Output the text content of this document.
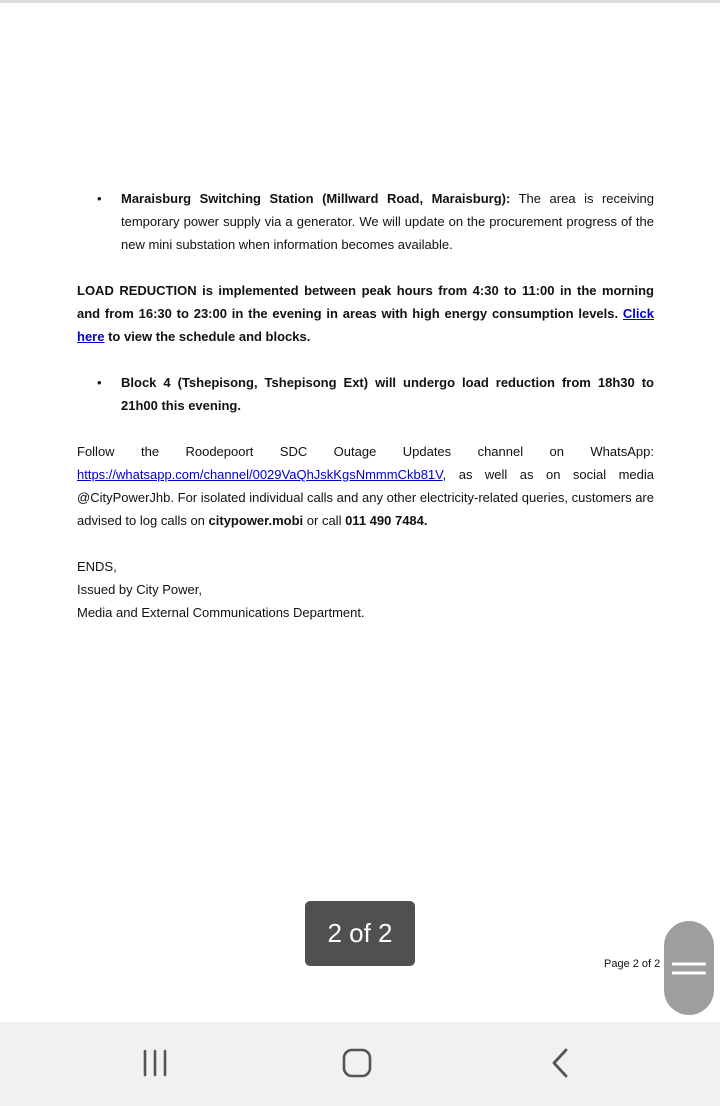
• Maraisburg Switching Station (Millward Road, Maraisburg): The area is receiving temporary power supply via a generator. We will update on the procurement progress of the new mini substation when information becomes available.

LOAD REDUCTION is implemented between peak hours from 4:30 to 11:00 in the morning and from 16:30 to 23:00 in the evening in areas with high energy consumption levels. Click here to view the schedule and blocks.

• Block 4 (Tshepisong, Tshepisong Ext) will undergo load reduction from 18h30 to 21h00 this evening.

Follow the Roodepoort SDC Outage Updates channel on WhatsApp: https://whatsapp.com/channel/0029VaQhJskKgsNmmmCkb81V, as well as on social media @CityPowerJhb. For isolated individual calls and any other electricity-related queries, customers are advised to log calls on citypower.mobi or call 011 490 7484.

ENDS,
Issued by City Power,
Media and External Communications Department.
2 of 2
Page 2 of 2
